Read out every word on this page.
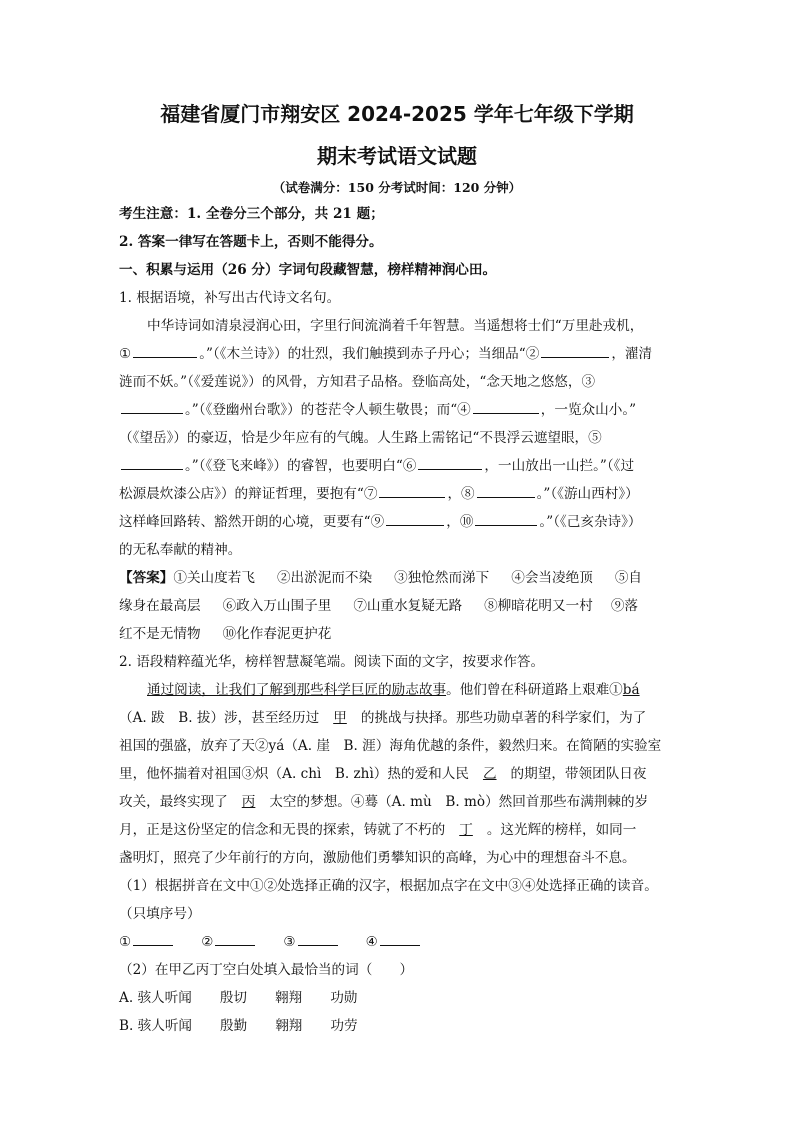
福建省厦门市翔安区 2024-2025 学年七年级下学期
期末考试语文试题
（试卷满分：150 分考试时间：120 分钟）
考生注意：1. 全卷分三个部分，共 21 题；
2. 答案一律写在答题卡上，否则不能得分。
一、积累与运用（26 分）字词句段藏智慧，榜样精神润心田。
1. 根据语境，补写出古代诗文名句。
中华诗词如清泉浸润心田，字里行间流淌着千年智慧。当遥想将士们“万里赴戎机，
①	。”（《木兰诗》）的壮烈，我们触摸到赤子丹心；当细品“②	，濯清
涟而不妖。”（《爱莲说》）的风骨，方知君子品格。登临高处，“念天地之悠悠，③
。”（《登幽州台歌》）的苍茫令人顿生敬畏；而“④	，一览众山小。”
（《望岳》）的豪迈，恰是少年应有的气魄。人生路上需铭记“不畏浮云遮望眼，⑤
。”（《登飞来峰》）的睿智，也要明白“⑥	，一山放出一山拦。”（《过
松源晨炊漆公店》）的辩证哲理，要抱有“⑦	，⑧	。”（《游山西村》）
这样峰回路转、豁然开朗的心境，更要有“⑨	，⑩	。”（《己亥杂诗》）
的无私奉献的精神。
【答案】①关山度若飞 ②出淤泥而不染 ③独怆然而涕下 ④会当凌绝顶 ⑤自
缘身在最高层 ⑥政入万山围子里 ⑦山重水复疑无路 ⑧柳暗花明又一村 ⑨落
红不是无情物 ⑩化作春泥更护花
2. 语段精粹蕴光华，榜样智慧凝笔端。阅读下面的文字，按要求作答。
通过阅读，让我们了解到那些科学巨匠的励志故事。他们曾在科研道路上艰难①bá
（A. 跋　B. 拔）涉，甚至经历过 甲 的挑战与抉择。那些功勋卓著的科学家们，为了
祖国的强盛，放弃了天②yá（A. 崖　B. 涯）海角优越的条件，毅然归来。在简陋的实验室
里，他怀揣着对祖国③炽（A. chì　B. zhì）热的爱和人民 乙 的期望，带领团队日夜
攻关，最终实现了 丙 太空的梦想。④蓦（A. mù　B. mò）然回首那些布满荆棘的岁
月，正是这份坚定的信念和无畏的探索，铸就了不朽的 丁 。这光辉的榜样，如同一
盏明灯，照亮了少年前行的方向，激励他们勇攀知识的高峰，为心中的理想奋斗不息。
（1）根据拼音在文中①②处选择正确的汉字，根据加点字在文中③④处选择正确的读音。
（只填序号）
①	②	③	④
（2）在甲乙丙丁空白处填入最恰当的词（　　）
A. 骇人听闻 殷切 翱翔 功勋
B. 骇人听闻 殷勤 翱翔 功劳
